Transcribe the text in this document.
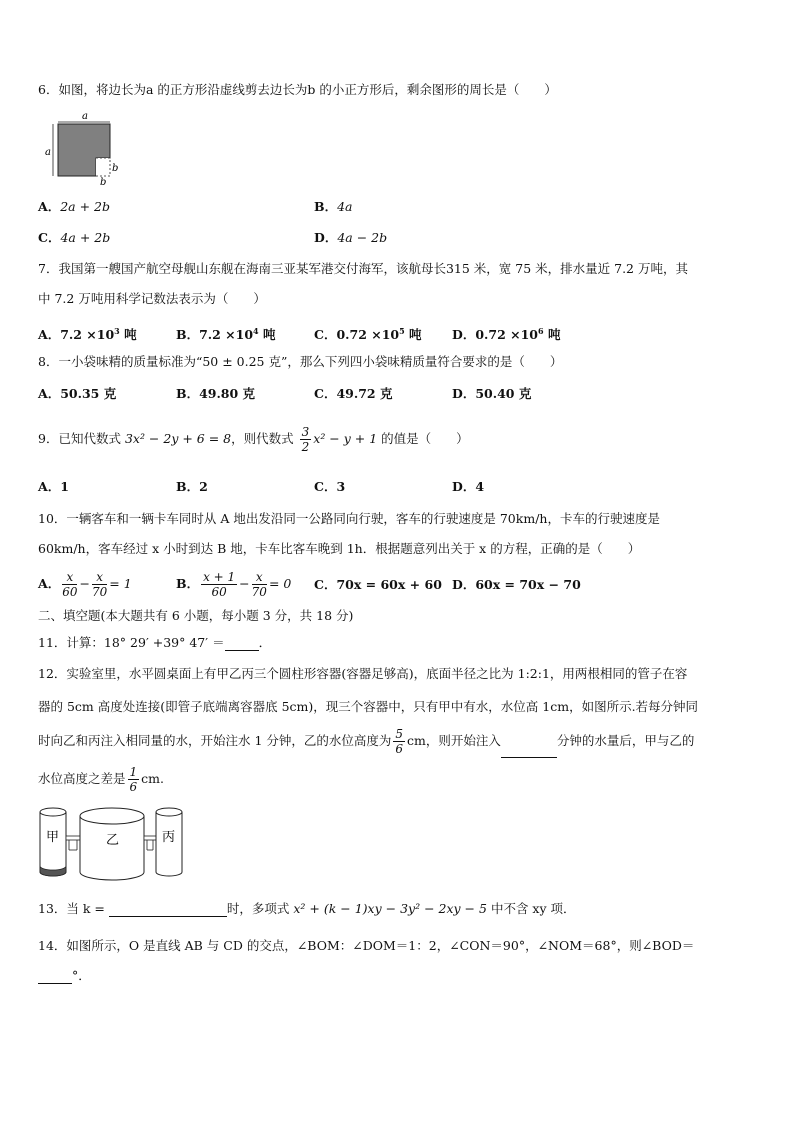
6．如图，将边长为a 的正方形沿虚线剪去边长为b 的小正方形后，剩余图形的周长是（　　）
a
a
b
b
A．2a + 2b	B．4a
C．4a + 2b	D．4a − 2b
7．我国第一艘国产航空母舰山东舰在海南三亚某军港交付海军，该航母长315 米，宽 75 米，排水量近 7.2 万吨，其
中 7.2 万吨用科学记数法表示为（　　）
A．$7.2 \times 10^3$ 吨	B．$7.2 \times 10^4$ 吨	C．$0.72 \times 10^5$ 吨 D．$0.72 \times 10^6$ 吨
8．一小袋味精的质量标准为“50 ± 0.25 克”，那么下列四小袋味精质量符合要求的是（　　）
A．50.35 克	B．49.80 克	C．49.72 克	D．50.40 克
9．已知代数式 3x² − 2y + 6 = 8，则代数式 $\frac{3}{2} x^2 - y + 1$ 的值是（　　）
A．1	B．2	C．3	D．4
10．一辆客车和一辆卡车同时从 A 地出发沿同一公路同向行驶，客车的行驶速度是 70km/h，卡车的行驶速度是
60km/h，客车经过 x 小时到达 B 地，卡车比客车晚到 1h．根据题意列出关于 x 的方程，正确的是（　　）
A． $\frac{x}{60} - \frac{x}{70} = 1$	B． $\frac{x + 1}{60} - \frac{x}{70} = 0$ C．70x = 60x + 60 D．60x = 70x − 70
二、填空题(本大题共有 6 小题，每小题 3 分，共 18 分)
11．计算：18° 29′ +39° 47′ ＝	．
12．实验室里，水平圆桌面上有甲乙丙三个圆柱形容器(容器足够高)，底面半径之比为 1:2:1，用两根相同的管子在容
器的 5cm 高度处连接(即管子底端离容器底 5cm)，现三个容器中，只有甲中有水，水位高 1cm，如图所示.若每分钟同
时向乙和丙注入相同量的水，开始注水 1 分钟，乙的水位高度为 $\frac{5}{6}$ cm，则开始注入	分钟的水量后，甲与乙的
水位高度之差是 $\frac{1}{6}$ cm.
甲	乙	丙
13．当 k =	时，多项式 x² + (k − 1)xy − 3y² − 2xy − 5 中不含 xy 项．
14．如图所示，O 是直线 AB 与 CD 的交点，∠BOM：∠DOM＝1：2，∠CON＝90°，∠NOM＝68°，则∠BOD＝
°．
